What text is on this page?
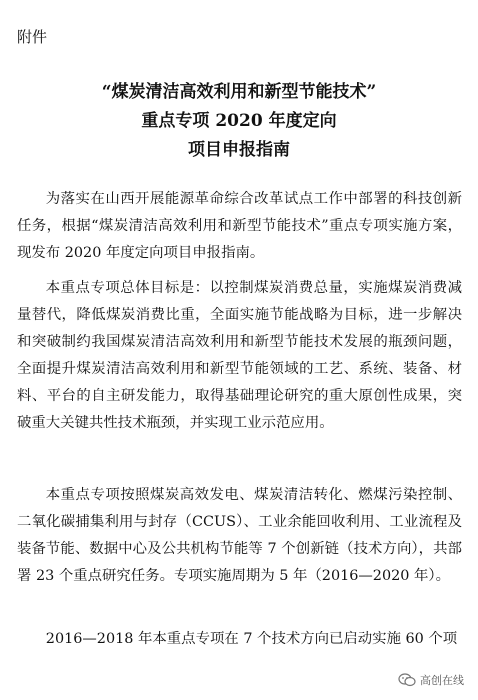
附件
“煤炭清洁高效利用和新型节能技术”
重点专项 2020 年度定向
项目申报指南
为落实在山西开展能源革命综合改革试点工作中部署的科技创新任务，根据“煤炭清洁高效利用和新型节能技术”重点专项实施方案，现发布 2020 年度定向项目申报指南。
本重点专项总体目标是：以控制煤炭消费总量，实施煤炭消费减量替代，降低煤炭消费比重，全面实施节能战略为目标，进一步解决和突破制约我国煤炭清洁高效利用和新型节能技术发展的瓶颈问题，全面提升煤炭清洁高效利用和新型节能领域的工艺、系统、装备、材料、平台的自主研发能力，取得基础理论研究的重大原创性成果，突破重大关键共性技术瓶颈，并实现工业示范应用。
本重点专项按照煤炭高效发电、煤炭清洁转化、燃煤污染控制、二氧化碳捕集利用与封存（CCUS）、工业余能回收利用、工业流程及装备节能、数据中心及公共机构节能等 7 个创新链（技术方向），共部署 23 个重点研究任务。专项实施周期为 5 年（2016—2020 年）。
2016—2018 年本重点专项在 7 个技术方向已启动实施 60 个项
高创在线
